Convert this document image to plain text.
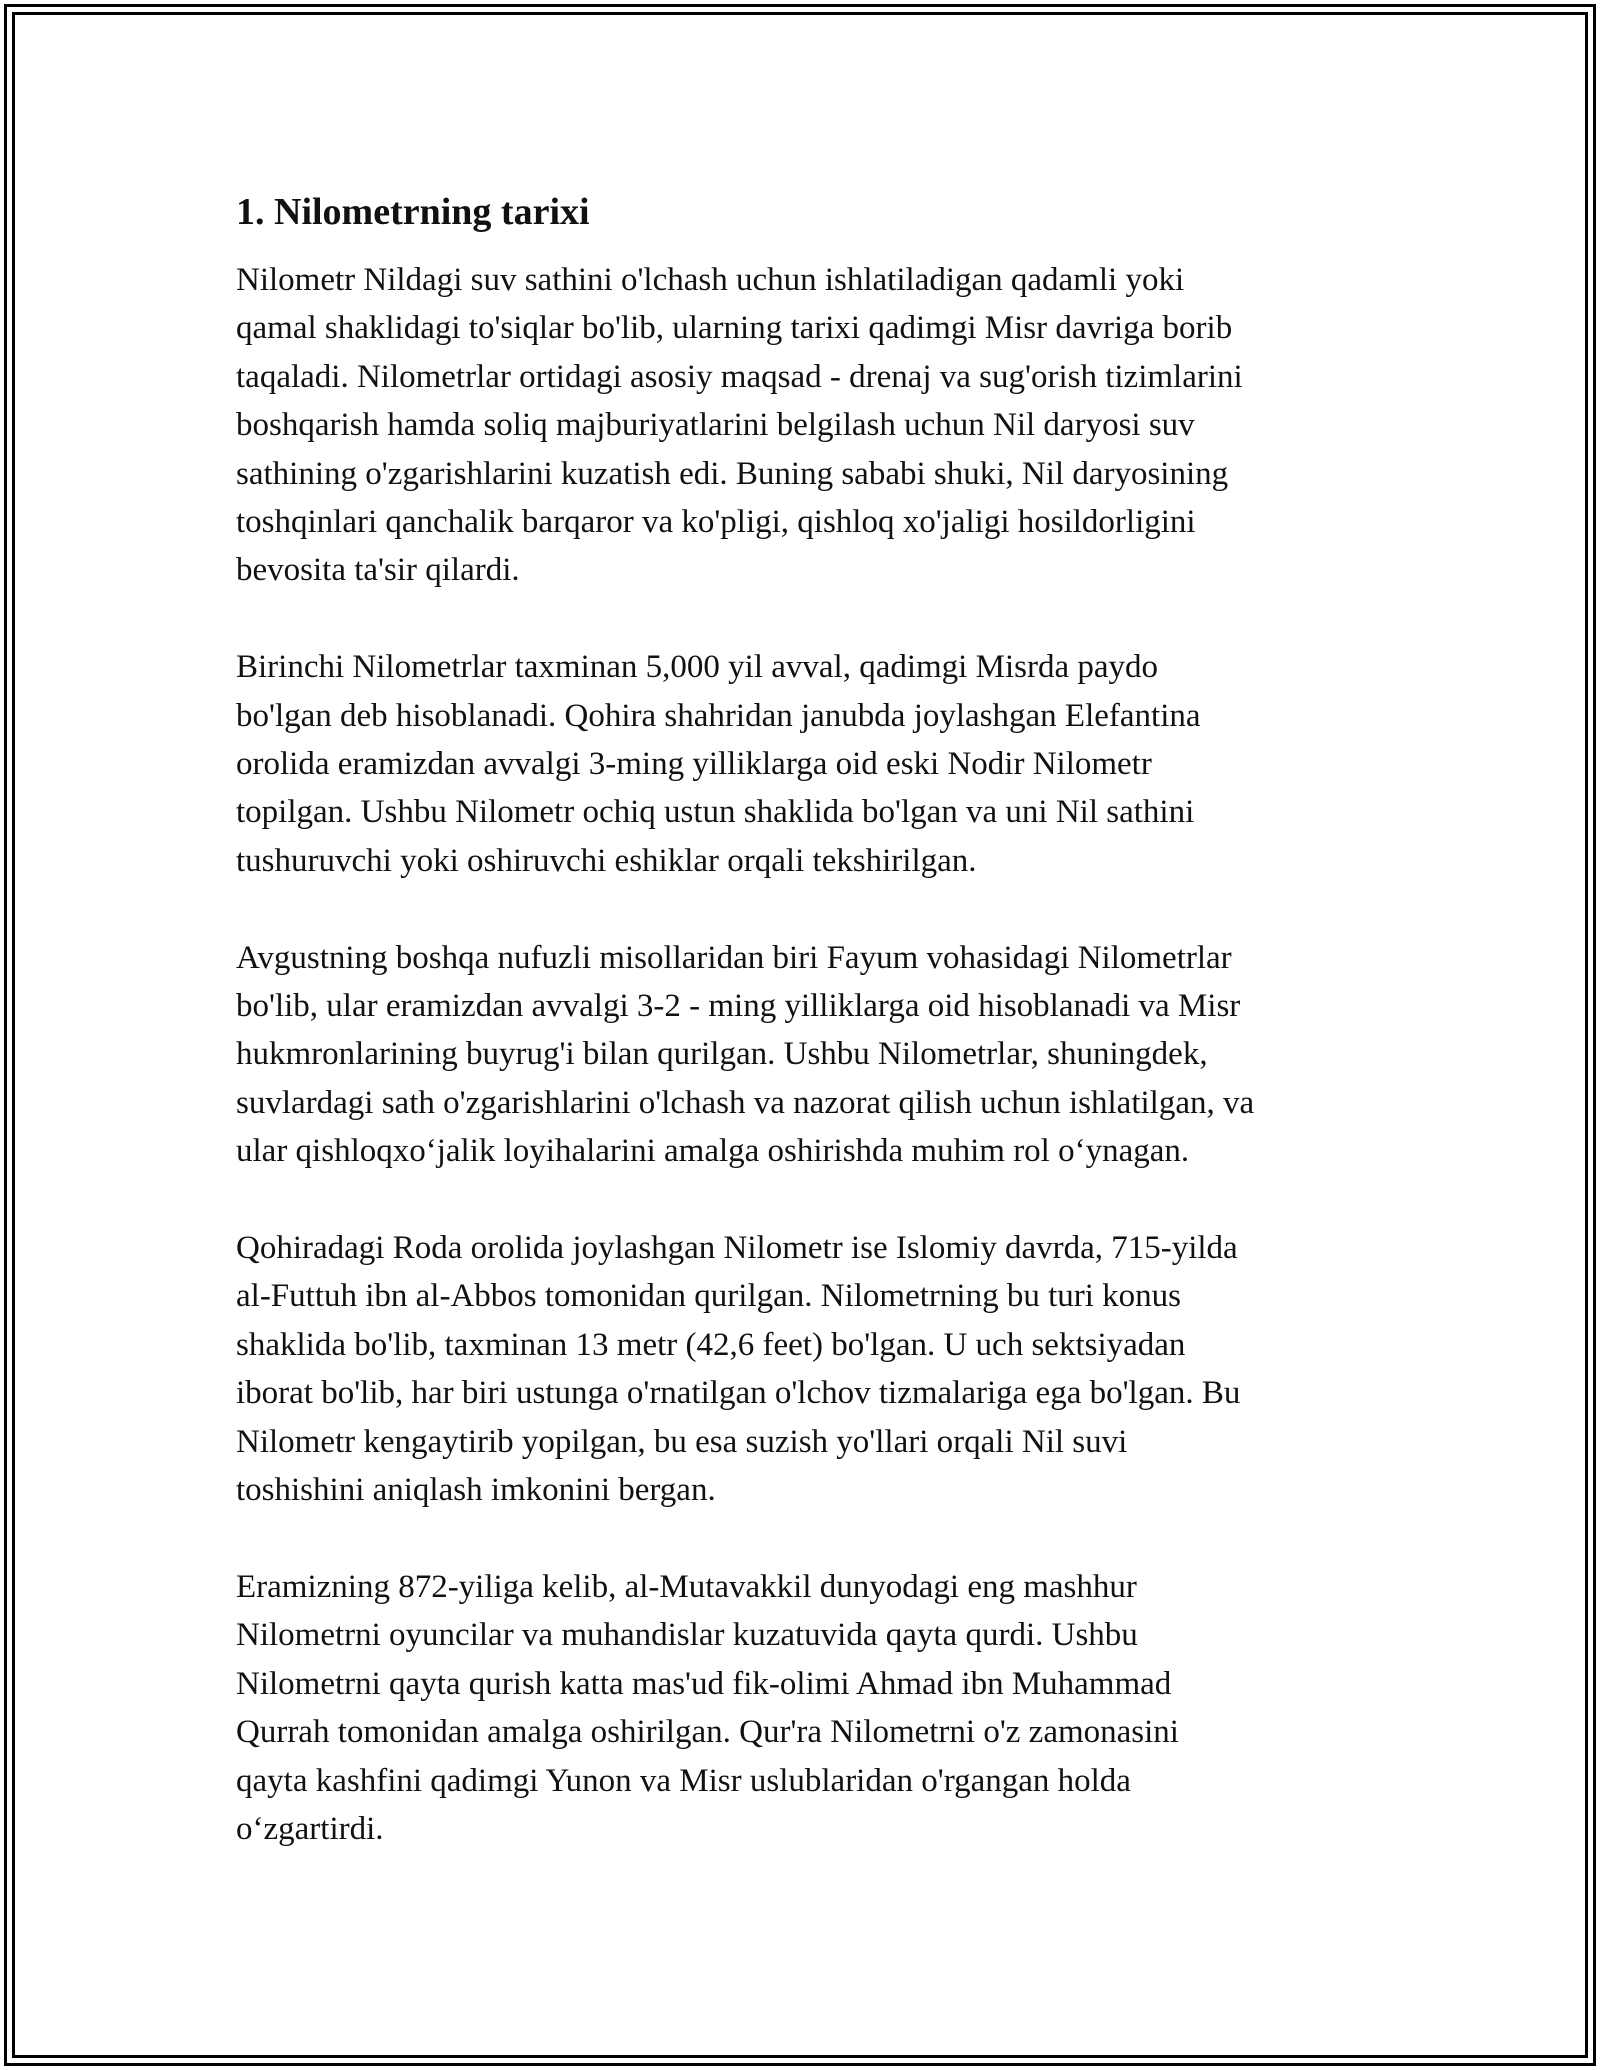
1. Nilometrning tarixi
Nilometr Nildagi suv sathini o'lchash uchun ishlatiladigan qadamli yoki
qamal shaklidagi to'siqlar bo'lib, ularning tarixi qadimgi Misr davriga borib
taqaladi. Nilometrlar ortidagi asosiy maqsad - drenaj va sug'orish tizimlarini
boshqarish hamda soliq majburiyatlarini belgilash uchun Nil daryosi suv
sathining o'zgarishlarini kuzatish edi. Buning sababi shuki, Nil daryosining
toshqinlari qanchalik barqaror va ko'pligi, qishloq xo'jaligi hosildorligini
bevosita ta'sir qilardi.
Birinchi Nilometrlar taxminan 5,000 yil avval, qadimgi Misrda paydo
bo'lgan deb hisoblanadi. Qohira shahridan janubda joylashgan Elefantina
orolida eramizdan avvalgi 3-ming yilliklarga oid eski Nodir Nilometr
topilgan. Ushbu Nilometr ochiq ustun shaklida bo'lgan va uni Nil sathini
tushuruvchi yoki oshiruvchi eshiklar orqali tekshirilgan.
Avgustning boshqa nufuzli misollaridan biri Fayum vohasidagi Nilometrlar
bo'lib, ular eramizdan avvalgi 3-2 - ming yilliklarga oid hisoblanadi va Misr
hukmronlarining buyrug'i bilan qurilgan. Ushbu Nilometrlar, shuningdek,
suvlardagi sath o'zgarishlarini o'lchash va nazorat qilish uchun ishlatilgan, va
ular qishloqxo‘jalik loyihalarini amalga oshirishda muhim rol o‘ynagan.
Qohiradagi Roda orolida joylashgan Nilometr ise Islomiy davrda, 715-yilda
al-Futtuh ibn al-Abbos tomonidan qurilgan. Nilometrning bu turi konus
shaklida bo'lib, taxminan 13 metr (42,6 feet) bo'lgan. U uch sektsiyadan
iborat bo'lib, har biri ustunga o'rnatilgan o'lchov tizmalariga ega bo'lgan. Bu
Nilometr kengaytirib yopilgan, bu esa suzish yo'llari orqali Nil suvi
toshishini aniqlash imkonini bergan.
Eramizning 872-yiliga kelib, al-Mutavakkil dunyodagi eng mashhur
Nilometrni oyuncilar va muhandislar kuzatuvida qayta qurdi. Ushbu
Nilometrni qayta qurish katta mas'ud fik-olimi Ahmad ibn Muhammad
Qurrah tomonidan amalga oshirilgan. Qur'ra Nilometrni o'z zamonasini
qayta kashfini qadimgi Yunon va Misr uslublaridan o'rgangan holda
o‘zgartirdi.
